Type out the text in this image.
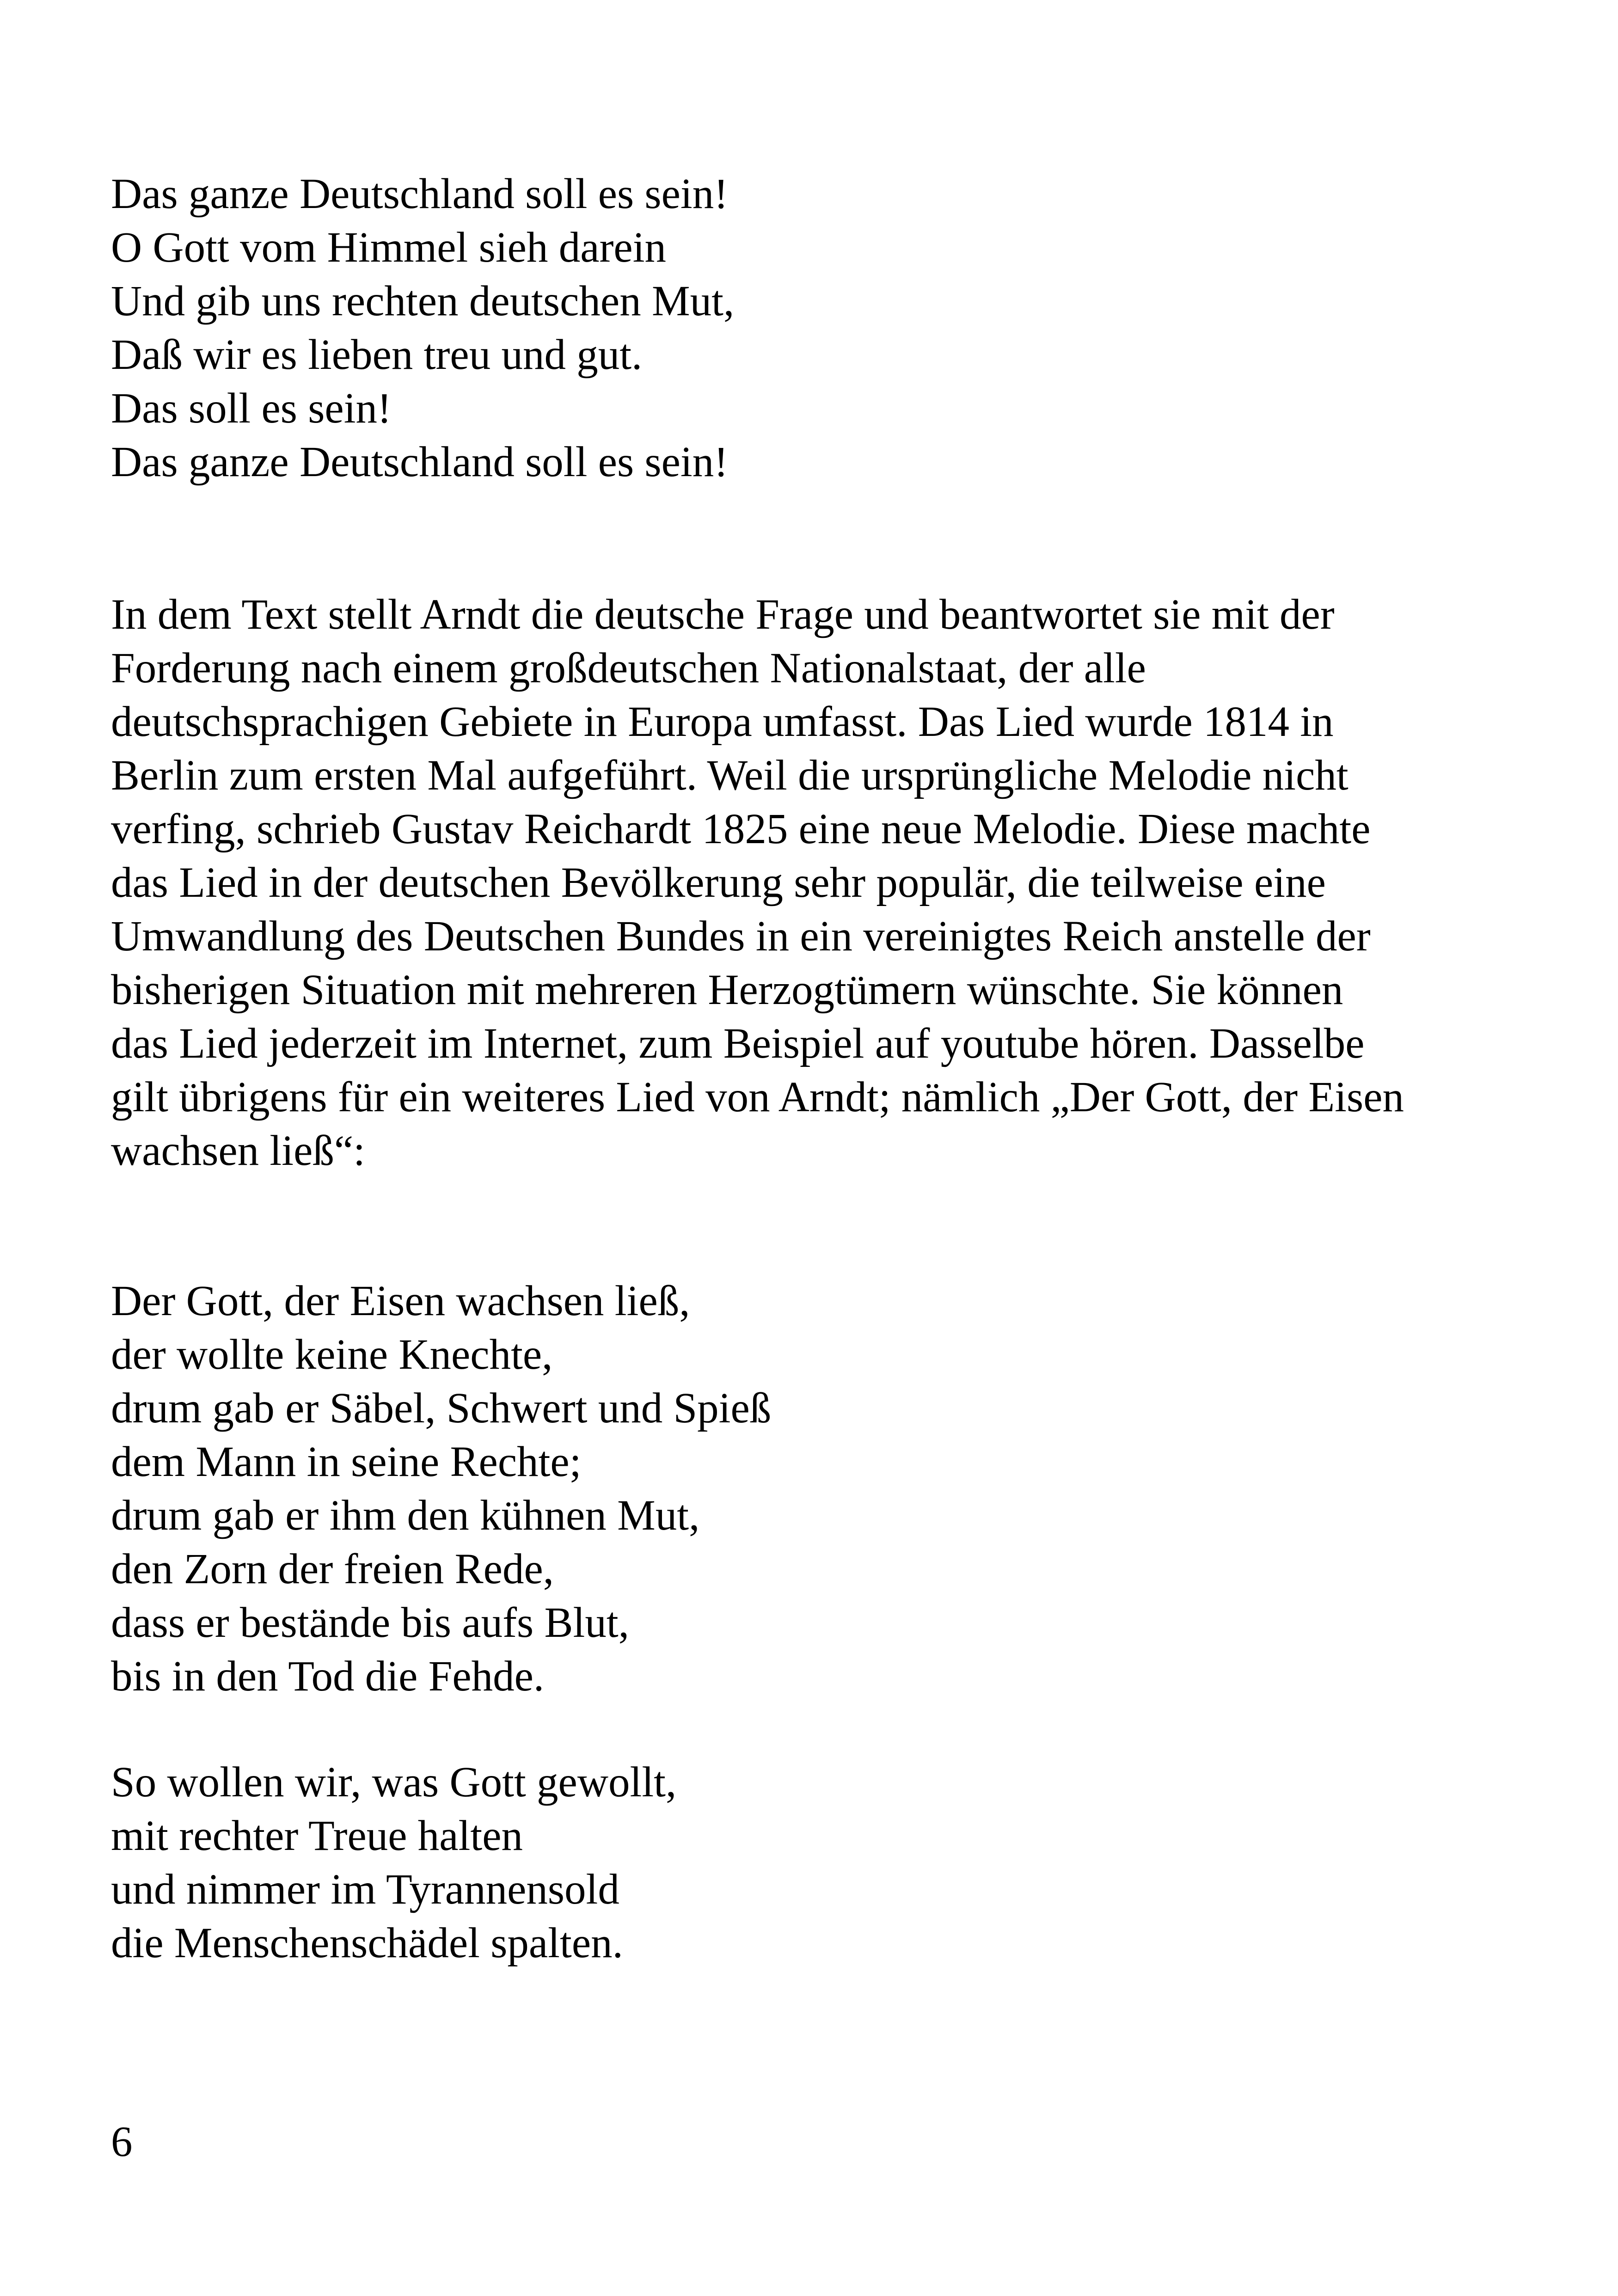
Das ganze Deutschland soll es sein!
O Gott vom Himmel sieh darein
Und gib uns rechten deutschen Mut,
Daß wir es lieben treu und gut.
Das soll es sein!
Das ganze Deutschland soll es sein!
In dem Text stellt Arndt die deutsche Frage und beantwortet sie mit der
Forderung nach einem großdeutschen Nationalstaat, der alle
deutschsprachigen Gebiete in Europa umfasst. Das Lied wurde 1814 in
Berlin zum ersten Mal aufgeführt. Weil die ursprüngliche Melodie nicht
verfing, schrieb Gustav Reichardt 1825 eine neue Melodie. Diese machte
das Lied in der deutschen Bevölkerung sehr populär, die teilweise eine
Umwandlung des Deutschen Bundes in ein vereinigtes Reich anstelle der
bisherigen Situation mit mehreren Herzogtümern wünschte. Sie können
das Lied jederzeit im Internet, zum Beispiel auf youtube hören. Dasselbe
gilt übrigens für ein weiteres Lied von Arndt; nämlich „Der Gott, der Eisen
wachsen ließ“:
Der Gott, der Eisen wachsen ließ,
der wollte keine Knechte,
drum gab er Säbel, Schwert und Spieß
dem Mann in seine Rechte;
drum gab er ihm den kühnen Mut,
den Zorn der freien Rede,
dass er bestände bis aufs Blut,
bis in den Tod die Fehde.
So wollen wir, was Gott gewollt,
mit rechter Treue halten
und nimmer im Tyrannensold
die Menschenschädel spalten.
6
